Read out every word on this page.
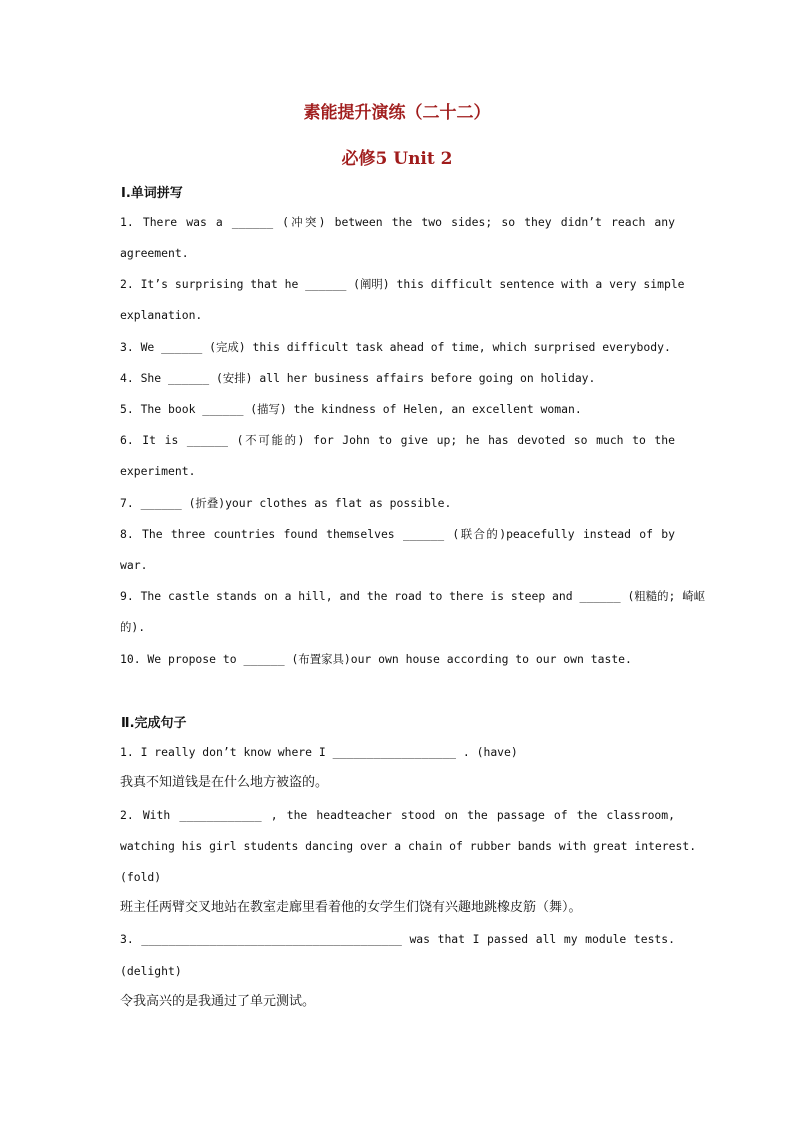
素能提升演练（二十二）
必修5 Unit 2
Ⅰ.单词拼写
1. There was a ______ (冲突) between the two sides; so they didn’t reach any
agreement.
2. It’s surprising that he ______ (阐明) this difficult sentence with a very simple
explanation.
3. We ______ (完成) this difficult task ahead of time, which surprised everybody.
4. She ______ (安排) all her business affairs before going on holiday.
5. The book ______ (描写) the kindness of Helen, an excellent woman.
6. It is ______ (不可能的) for John to give up; he has devoted so much to the
experiment.
7. ______ (折叠)your clothes as flat as possible.
8. The three countries found themselves ______ (联合的)peacefully instead of by
war.
9. The castle stands on a hill, and the road to there is steep and ______ (粗糙的; 崎岖
的).
10. We propose to ______ (布置家具)our own house according to our own taste.
Ⅱ.完成句子
1. I really don’t know where I __________________ . (have)
我真不知道钱是在什么地方被盗的。
2. With ____________ , the headteacher stood on the passage of the classroom,
watching his girl students dancing over a chain of rubber bands with great interest.
(fold)
班主任两臂交叉地站在教室走廊里看着他的女学生们饶有兴趣地跳橡皮筋（舞）。
3. ______________________________________ was that I passed all my module tests.
(delight)
令我高兴的是我通过了单元测试。
